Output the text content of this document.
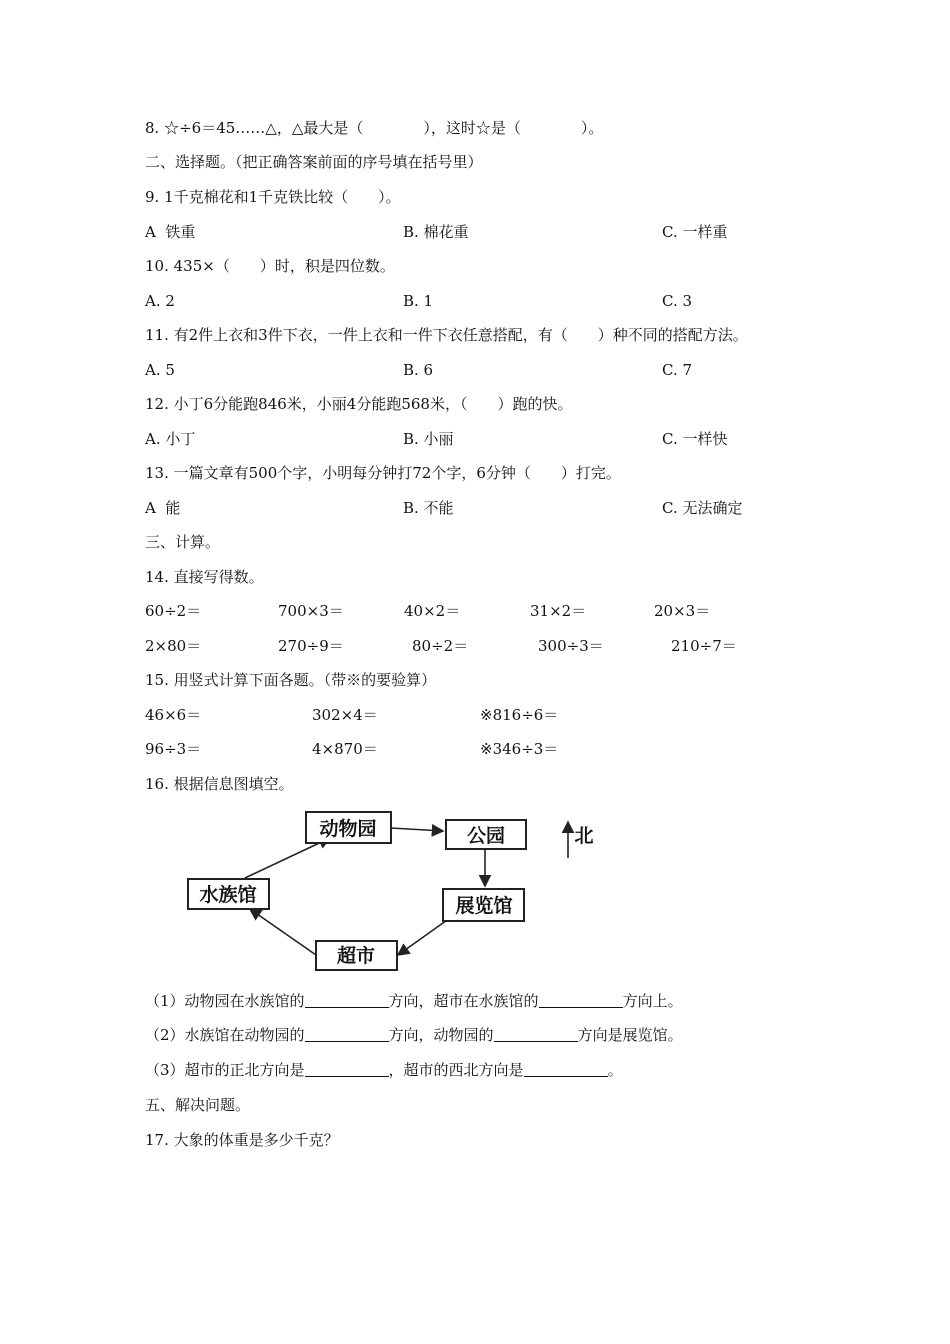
8. ☆÷6＝45……△，△最大是（　　　　），这时☆是（　　　　）。
二、选择题。（把正确答案前面的序号填在括号里）
9. 1千克棉花和1千克铁比较（　　）。
A  铁重	B. 棉花重	C. 一样重
10. 435×（　　）时，积是四位数。
A. 2	B. 1	C. 3
11. 有2件上衣和3件下衣，一件上衣和一件下衣任意搭配，有（　　）种不同的搭配方法。
A. 5	B. 6	C. 7
12. 小丁6分能跑846米，小丽4分能跑568米，（　　）跑的快。
A. 小丁	B. 小丽	C. 一样快
13. 一篇文章有500个字，小明每分钟打72个字，6分钟（　　）打完。
A  能	B. 不能	C. 无法确定
三、计算。
14. 直接写得数。
60÷2＝	700×3＝	40×2＝	31×2＝	20×3＝
2×80＝	270÷9＝	80÷2＝	300÷3＝	210÷7＝
15. 用竖式计算下面各题。（带※的要验算）
46×6＝	302×4＝	※816÷6＝
96÷3＝	4×870＝	※346÷3＝
16. 根据信息图填空。
动物园	公园
水族馆	展览馆
超市
北
（1）动物园在水族馆的	方向，超市在水族馆的	方向上。
（2）水族馆在动物园的	方向，动物园的	方向是展览馆。
（3）超市的正北方向是	，超市的西北方向是	。
五、解决问题。
17. 大象的体重是多少千克？
